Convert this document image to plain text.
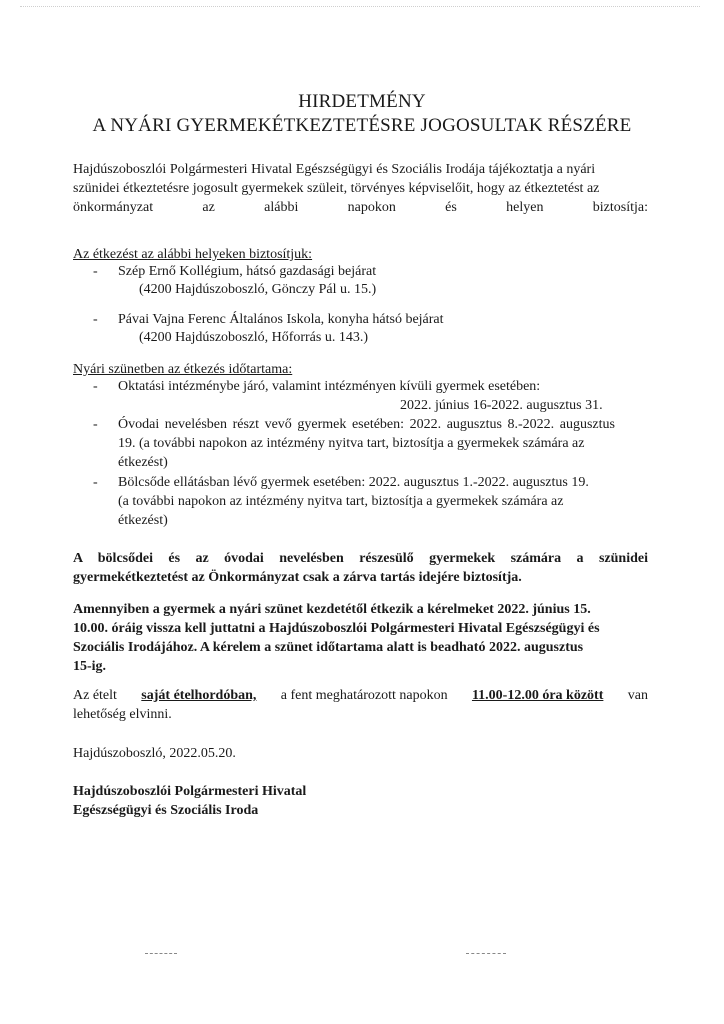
HIRDETMÉNY
A NYÁRI GYERMEKÉTKEZTETÉSRE JOGOSULTAK RÉSZÉRE
Hajdúszoboszlói Polgármesteri Hivatal Egészségügyi és Szociális Irodája tájékoztatja a nyári
szünidei étkeztetésre jogosult gyermekek szüleit, törvényes képviselőit, hogy az étkeztetést az
önkormányzat	az	alábbi	napokon	és	helyen	biztosítja:
Az étkezést az alábbi helyeken biztosítjuk:
- Szép Ernő Kollégium, hátsó gazdasági bejárat
(4200 Hajdúszoboszló, Gönczy Pál u. 15.)
- Pávai Vajna Ferenc Általános Iskola, konyha hátsó bejárat
(4200 Hajdúszoboszló, Hőforrás u. 143.)
Nyári szünetben az étkezés időtartama:
- Oktatási intézménybe járó, valamint intézményen kívüli gyermek esetében:
2022. június 16-2022. augusztus 31.
- Óvodai nevelésben részt vevő gyermek esetében: 2022. augusztus 8.-2022. augusztus
19. (a további napokon az intézmény nyitva tart, biztosítja a gyermekek számára az
étkezést)
- Bölcsőde ellátásban lévő gyermek esetében: 2022. augusztus 1.-2022. augusztus 19.
(a további napokon az intézmény nyitva tart, biztosítja a gyermekek számára az
étkezést)
A bölcsődei és az óvodai nevelésben részesülő gyermekek számára a szünidei
gyermekétkeztetést az Önkormányzat csak a zárva tartás idejére biztosítja.
Amennyiben a gyermek a nyári szünet kezdetétől étkezik a kérelmeket 2022. június 15.
10.00. óráig vissza kell juttatni a Hajdúszoboszlói Polgármesteri Hivatal Egészségügyi és
Szociális Irodájához. A kérelem a szünet időtartama alatt is beadható 2022. augusztus
15-ig.
Az ételt saját ételhordóban, a fent meghatározott napokon 11.00-12.00 óra között van
lehetőség elvinni.
Hajdúszoboszló, 2022.05.20.
Hajdúszoboszlói Polgármesteri Hivatal
Egészségügyi és Szociális Iroda
